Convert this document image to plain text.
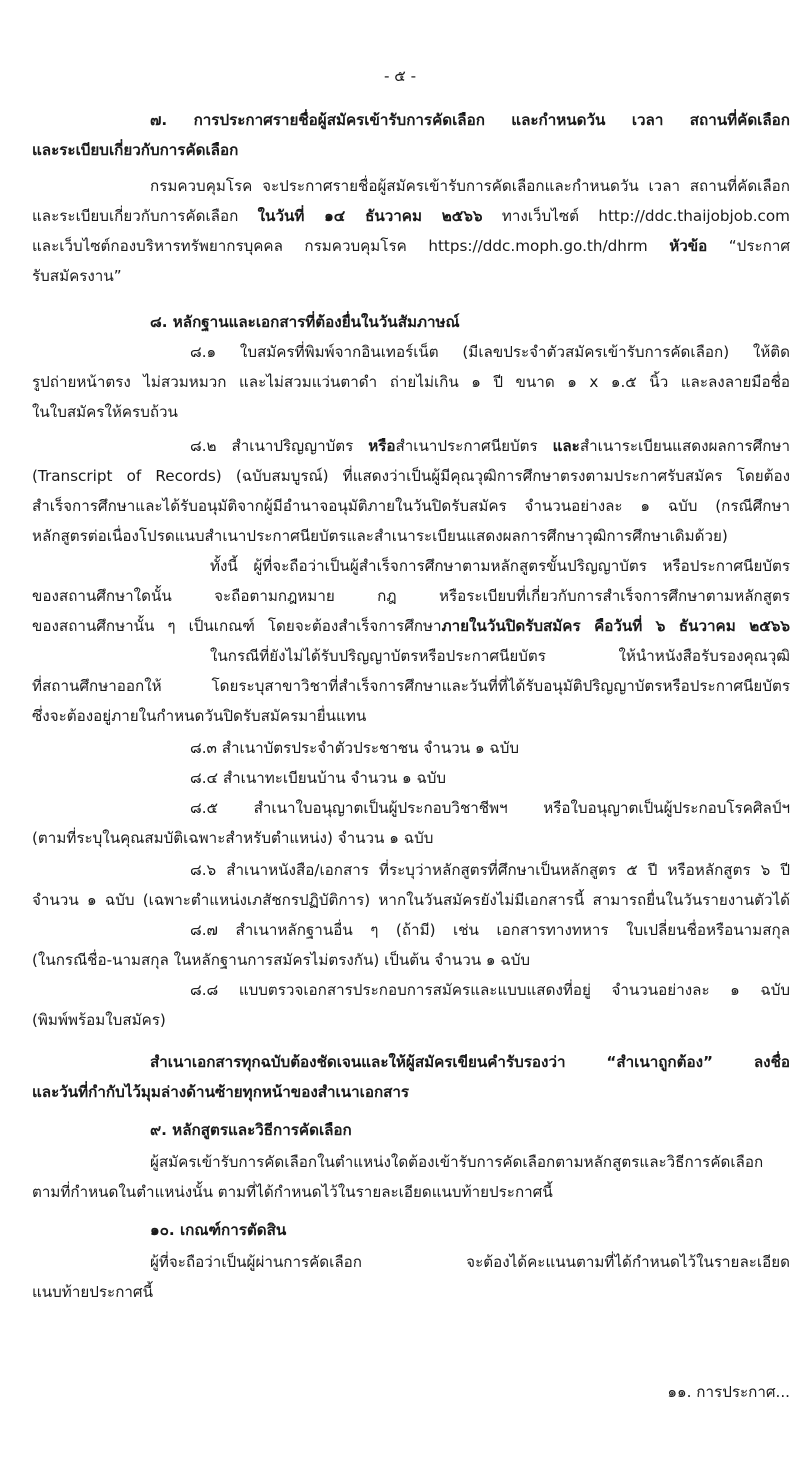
- ๕ -
๗. การประกาศรายชื่อผู้สมัครเข้ารับการคัดเลือก และกำหนดวัน เวลา สถานที่คัดเลือก
และระเบียบเกี่ยวกับการคัดเลือก
กรมควบคุมโรค จะประกาศรายชื่อผู้สมัครเข้ารับการคัดเลือกและกำหนดวัน เวลา สถานที่คัดเลือก
และระเบียบเกี่ยวกับการคัดเลือก ในวันที่ ๑๔ ธันวาคม ๒๕๖๖ ทางเว็บไซต์ http://ddc.thaijobjob.com
และเว็บไซต์กองบริหารทรัพยากรบุคคล กรมควบคุมโรค https://ddc.moph.go.th/dhrm หัวข้อ “ประกาศ
รับสมัครงาน”
๘. หลักฐานและเอกสารที่ต้องยื่นในวันสัมภาษณ์
๘.๑ ใบสมัครที่พิมพ์จากอินเทอร์เน็ต (มีเลขประจำตัวสมัครเข้ารับการคัดเลือก) ให้ติด
รูปถ่ายหน้าตรง ไม่สวมหมวก และไม่สวมแว่นตาดำ ถ่ายไม่เกิน ๑ ปี ขนาด ๑ x ๑.๕ นิ้ว และลงลายมือชื่อ
ในใบสมัครให้ครบถ้วน
๘.๒ สำเนาปริญญาบัตร หรือสำเนาประกาศนียบัตร และสำเนาระเบียนแสดงผลการศึกษา
(Transcript of Records) (ฉบับสมบูรณ์) ที่แสดงว่าเป็นผู้มีคุณวุฒิการศึกษาตรงตามประกาศรับสมัคร โดยต้อง
สำเร็จการศึกษาและได้รับอนุมัติจากผู้มีอำนาจอนุมัติภายในวันปิดรับสมัคร จำนวนอย่างละ ๑ ฉบับ (กรณีศึกษา
หลักสูตรต่อเนื่องโปรดแนบสำเนาประกาศนียบัตรและสำเนาระเบียนแสดงผลการศึกษาวุฒิการศึกษาเดิมด้วย)
ทั้งนี้ ผู้ที่จะถือว่าเป็นผู้สำเร็จการศึกษาตามหลักสูตรขั้นปริญญาบัตร หรือประกาศนียบัตร
ของสถานศึกษาใดนั้น จะถือตามกฎหมาย กฎ หรือระเบียบที่เกี่ยวกับการสำเร็จการศึกษาตามหลักสูตร
ของสถานศึกษานั้น ๆ เป็นเกณฑ์ โดยจะต้องสำเร็จการศึกษาภายในวันปิดรับสมัคร คือวันที่ ๖ ธันวาคม ๒๕๖๖
ในกรณีที่ยังไม่ได้รับปริญญาบัตรหรือประกาศนียบัตร ให้นำหนังสือรับรองคุณวุฒิ
ที่สถานศึกษาออกให้ โดยระบุสาขาวิชาที่สำเร็จการศึกษาและวันที่ที่ได้รับอนุมัติปริญญาบัตรหรือประกาศนียบัตร
ซึ่งจะต้องอยู่ภายในกำหนดวันปิดรับสมัครมายื่นแทน
๘.๓ สำเนาบัตรประจำตัวประชาชน จำนวน ๑ ฉบับ
๘.๔ สำเนาทะเบียนบ้าน จำนวน ๑ ฉบับ
๘.๕ สำเนาใบอนุญาตเป็นผู้ประกอบวิชาชีพฯ หรือใบอนุญาตเป็นผู้ประกอบโรคศิลป์ฯ
(ตามที่ระบุในคุณสมบัติเฉพาะสำหรับตำแหน่ง) จำนวน ๑ ฉบับ
๘.๖ สำเนาหนังสือ/เอกสาร ที่ระบุว่าหลักสูตรที่ศึกษาเป็นหลักสูตร ๕ ปี หรือหลักสูตร ๖ ปี
จำนวน ๑ ฉบับ (เฉพาะตำแหน่งเภสัชกรปฏิบัติการ) หากในวันสมัครยังไม่มีเอกสารนี้ สามารถยื่นในวันรายงานตัวได้
๘.๗ สำเนาหลักฐานอื่น ๆ (ถ้ามี) เช่น เอกสารทางทหาร ใบเปลี่ยนชื่อหรือนามสกุล
(ในกรณีชื่อ-นามสกุล ในหลักฐานการสมัครไม่ตรงกัน) เป็นต้น จำนวน ๑ ฉบับ
๘.๘ แบบตรวจเอกสารประกอบการสมัครและแบบแสดงที่อยู่ จำนวนอย่างละ ๑ ฉบับ
(พิมพ์พร้อมใบสมัคร)
สำเนาเอกสารทุกฉบับต้องชัดเจนและให้ผู้สมัครเขียนคำรับรองว่า “สำเนาถูกต้อง” ลงชื่อ
และวันที่กำกับไว้มุมล่างด้านซ้ายทุกหน้าของสำเนาเอกสาร
๙. หลักสูตรและวิธีการคัดเลือก
ผู้สมัครเข้ารับการคัดเลือกในตำแหน่งใดต้องเข้ารับการคัดเลือกตามหลักสูตรและวิธีการคัดเลือก
ตามที่กำหนดในตำแหน่งนั้น ตามที่ได้กำหนดไว้ในรายละเอียดแนบท้ายประกาศนี้
๑๐. เกณฑ์การตัดสิน
ผู้ที่จะถือว่าเป็นผู้ผ่านการคัดเลือก จะต้องได้คะแนนตามที่ได้กำหนดไว้ในรายละเอียด
แนบท้ายประกาศนี้
๑๑. การประกาศ...
